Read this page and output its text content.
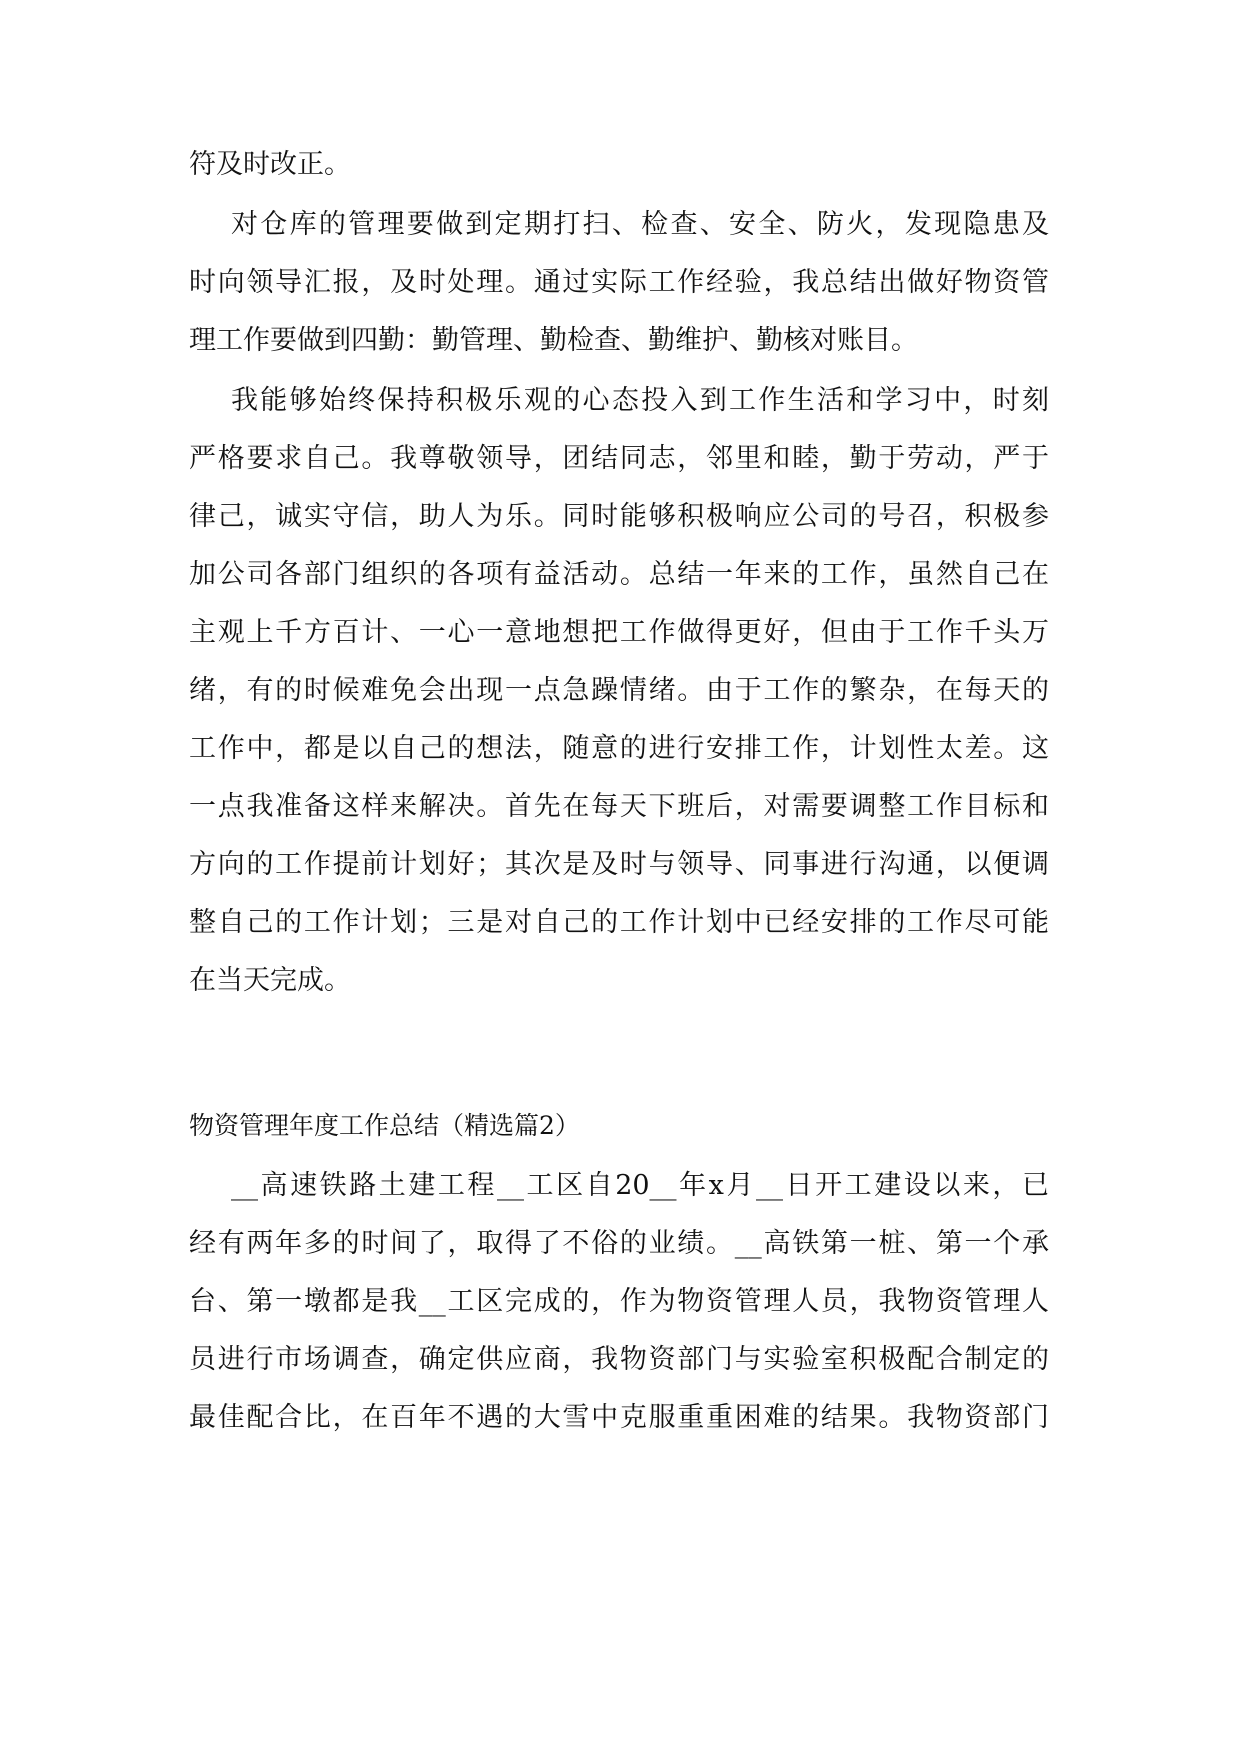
符及时改正。
对仓库的管理要做到定期打扫、检查、安全、防火，发现隐患及
时向领导汇报，及时处理。通过实际工作经验，我总结出做好物资管
理工作要做到四勤：勤管理、勤检查、勤维护、勤核对账目。
我能够始终保持积极乐观的心态投入到工作生活和学习中，时刻
严格要求自己。我尊敬领导，团结同志，邻里和睦，勤于劳动，严于
律己，诚实守信，助人为乐。同时能够积极响应公司的号召，积极参
加公司各部门组织的各项有益活动。总结一年来的工作，虽然自己在
主观上千方百计、一心一意地想把工作做得更好，但由于工作千头万
绪，有的时候难免会出现一点急躁情绪。由于工作的繁杂，在每天的
工作中，都是以自己的想法，随意的进行安排工作，计划性太差。这
一点我准备这样来解决。首先在每天下班后，对需要调整工作目标和
方向的工作提前计划好；其次是及时与领导、同事进行沟通，以便调
整自己的工作计划；三是对自己的工作计划中已经安排的工作尽可能
在当天完成。
物资管理年度工作总结（精选篇2）
__高速铁路土建工程__工区自20__年x月__日开工建设以来，已
经有两年多的时间了，取得了不俗的业绩。__高铁第一桩、第一个承
台、第一墩都是我__工区完成的，作为物资管理人员，我物资管理人
员进行市场调查，确定供应商，我物资部门与实验室积极配合制定的
最佳配合比，在百年不遇的大雪中克服重重困难的结果。我物资部门
